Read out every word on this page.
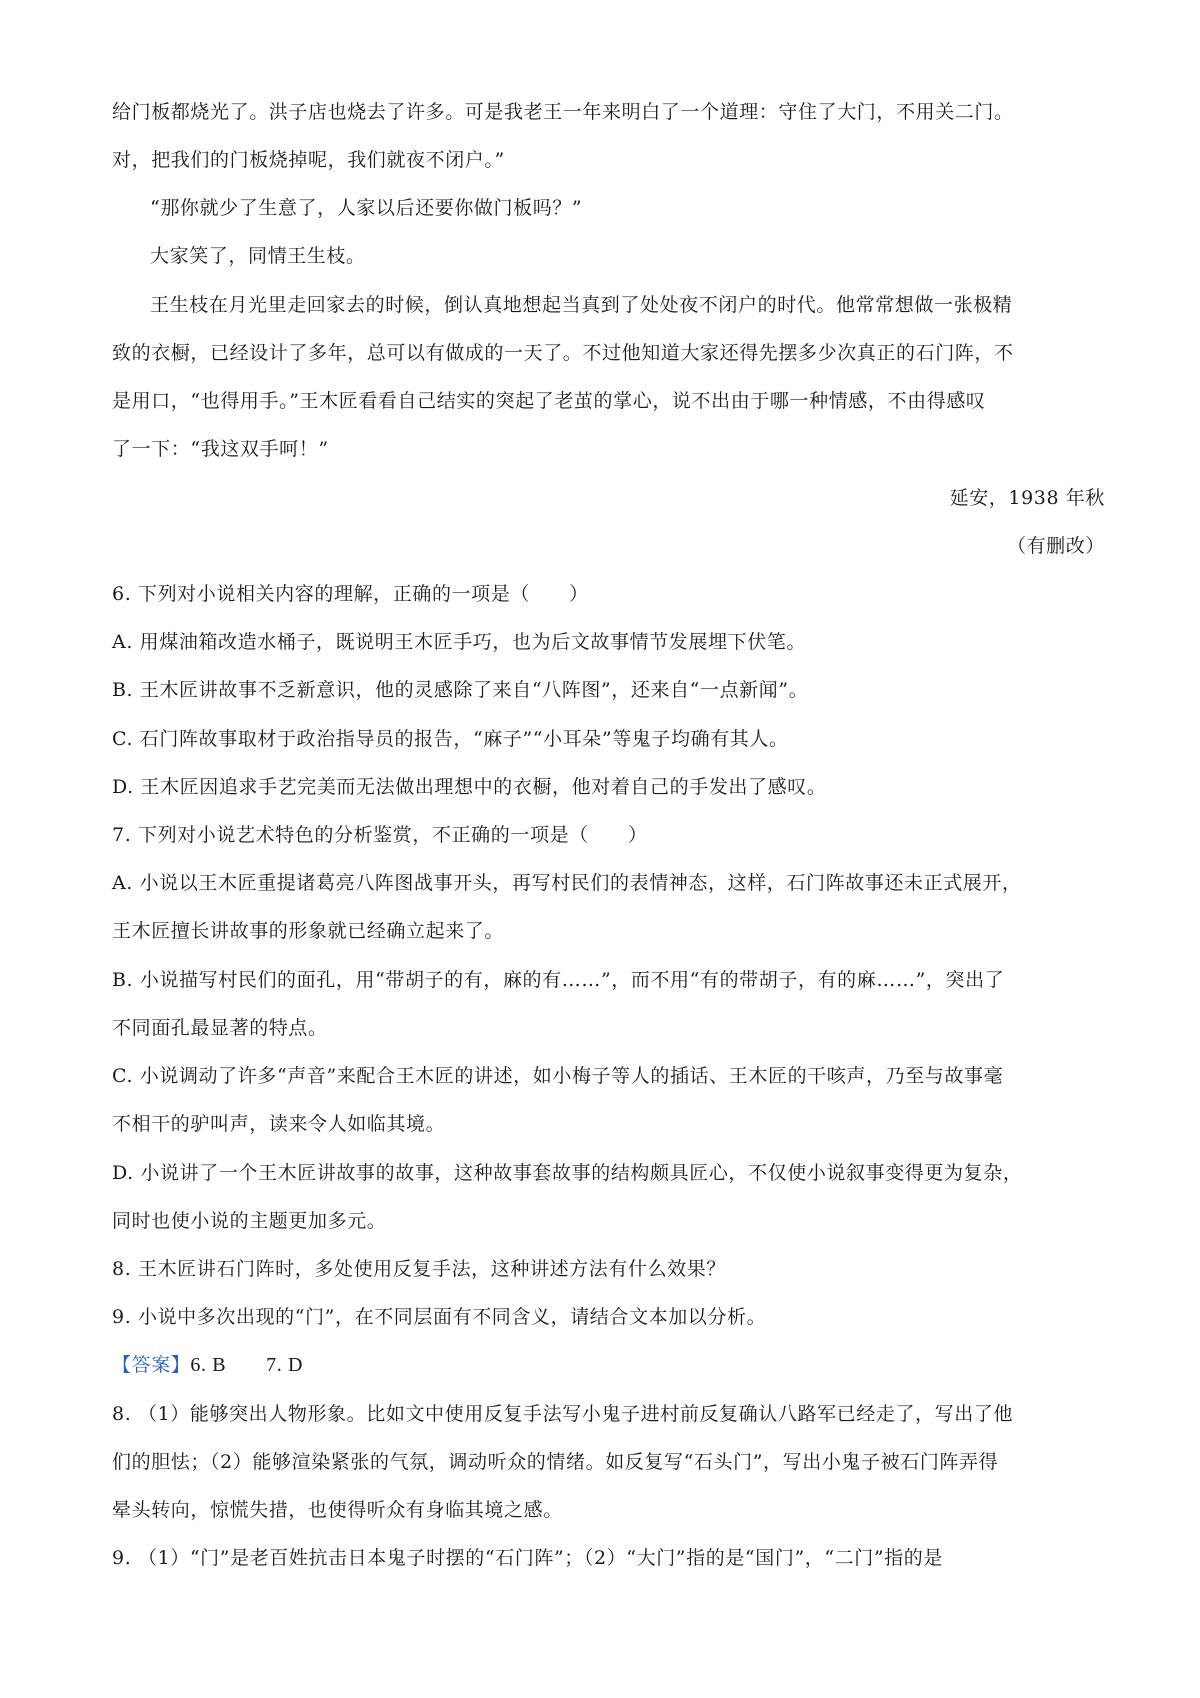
给门板都烧光了。洪子店也烧去了许多。可是我老王一年来明白了一个道理：守住了大门，不用关二门。
对，把我们的门板烧掉呢，我们就夜不闭户。”
“那你就少了生意了，人家以后还要你做门板吗？”
大家笑了，同情王生枝。
王生枝在月光里走回家去的时候，倒认真地想起当真到了处处夜不闭户的时代。他常常想做一张极精
致的衣橱，已经设计了多年，总可以有做成的一天了。不过他知道大家还得先摆多少次真正的石门阵，不
是用口，“也得用手。”王木匠看看自己结实的突起了老茧的掌心，说不出由于哪一种情感，不由得感叹
了一下：“我这双手呵！”
延安，1938 年秋
（有删改）
6. 下列对小说相关内容的理解，正确的一项是（　　）
A. 用煤油箱改造水桶子，既说明王木匠手巧，也为后文故事情节发展埋下伏笔。
B. 王木匠讲故事不乏新意识，他的灵感除了来自“八阵图”，还来自“一点新闻”。
C. 石门阵故事取材于政治指导员的报告，“麻子”“小耳朵”等鬼子均确有其人。
D. 王木匠因追求手艺完美而无法做出理想中的衣橱，他对着自己的手发出了感叹。
7. 下列对小说艺术特色的分析鉴赏，不正确的一项是（　　）
A. 小说以王木匠重提诸葛亮八阵图战事开头，再写村民们的表情神态，这样，石门阵故事还未正式展开，
王木匠擅长讲故事的形象就已经确立起来了。
B. 小说描写村民们的面孔，用“带胡子的有，麻的有……”，而不用“有的带胡子，有的麻……”，突出了
不同面孔最显著的特点。
C. 小说调动了许多“声音”来配合王木匠的讲述，如小梅子等人的插话、王木匠的干咳声，乃至与故事毫
不相干的驴叫声，读来令人如临其境。
D. 小说讲了一个王木匠讲故事的故事，这种故事套故事的结构颇具匠心，不仅使小说叙事变得更为复杂，
同时也使小说的主题更加多元。
8. 王木匠讲石门阵时，多处使用反复手法，这种讲述方法有什么效果？
9. 小说中多次出现的“门”，在不同层面有不同含义，请结合文本加以分析。
【答案】6. B 7. D
8. （1）能够突出人物形象。比如文中使用反复手法写小鬼子进村前反复确认八路军已经走了，写出了他
们的胆怯；（2）能够渲染紧张的气氛，调动听众的情绪。如反复写“石头门”，写出小鬼子被石门阵弄得
晕头转向，惊慌失措，也使得听众有身临其境之感。
9. （1）“门”是老百姓抗击日本鬼子时摆的“石门阵”；（2）“大门”指的是“国门”，“二门”指的是
